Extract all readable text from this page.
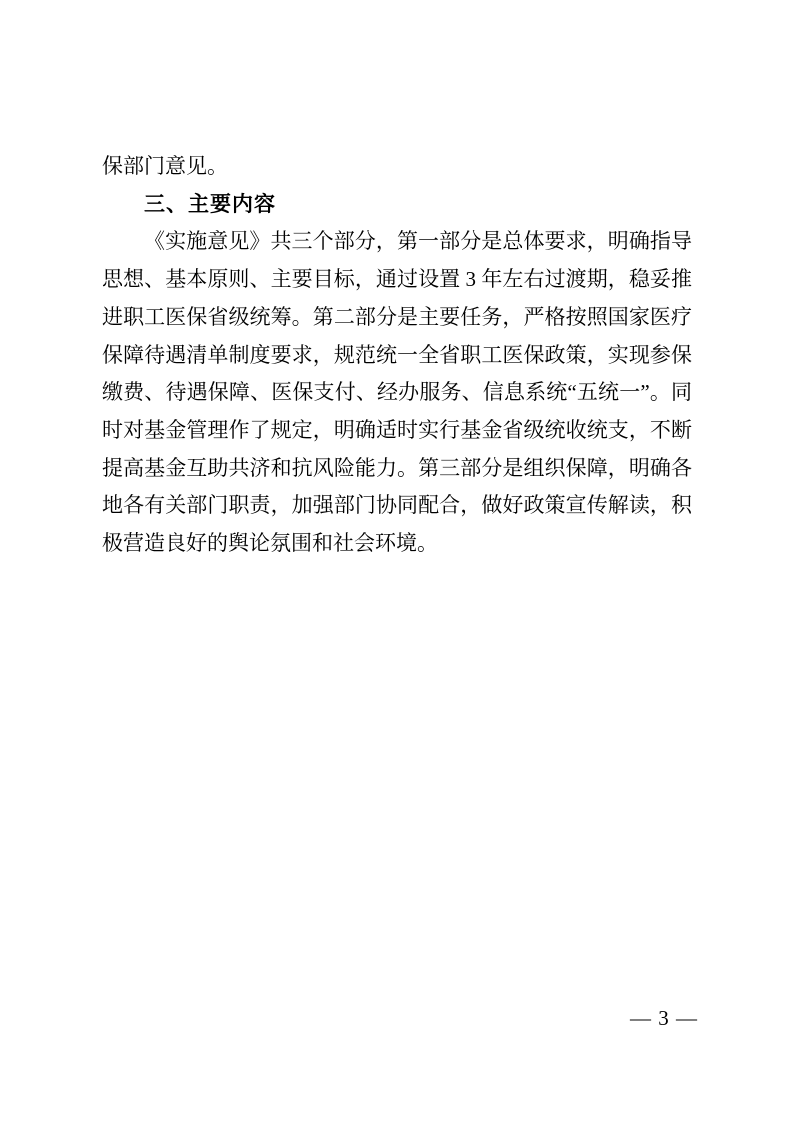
保部门意见。
三、主要内容
《实施意见》共三个部分，第一部分是总体要求，明确指导
思想、基本原则、主要目标，通过设置 3 年左右过渡期，稳妥推
进职工医保省级统筹。第二部分是主要任务，严格按照国家医疗
保障待遇清单制度要求，规范统一全省职工医保政策，实现参保
缴费、待遇保障、医保支付、经办服务、信息系统“五统一”。同
时对基金管理作了规定，明确适时实行基金省级统收统支，不断
提高基金互助共济和抗风险能力。第三部分是组织保障，明确各
地各有关部门职责，加强部门协同配合，做好政策宣传解读，积
极营造良好的舆论氛围和社会环境。
— 3 —
